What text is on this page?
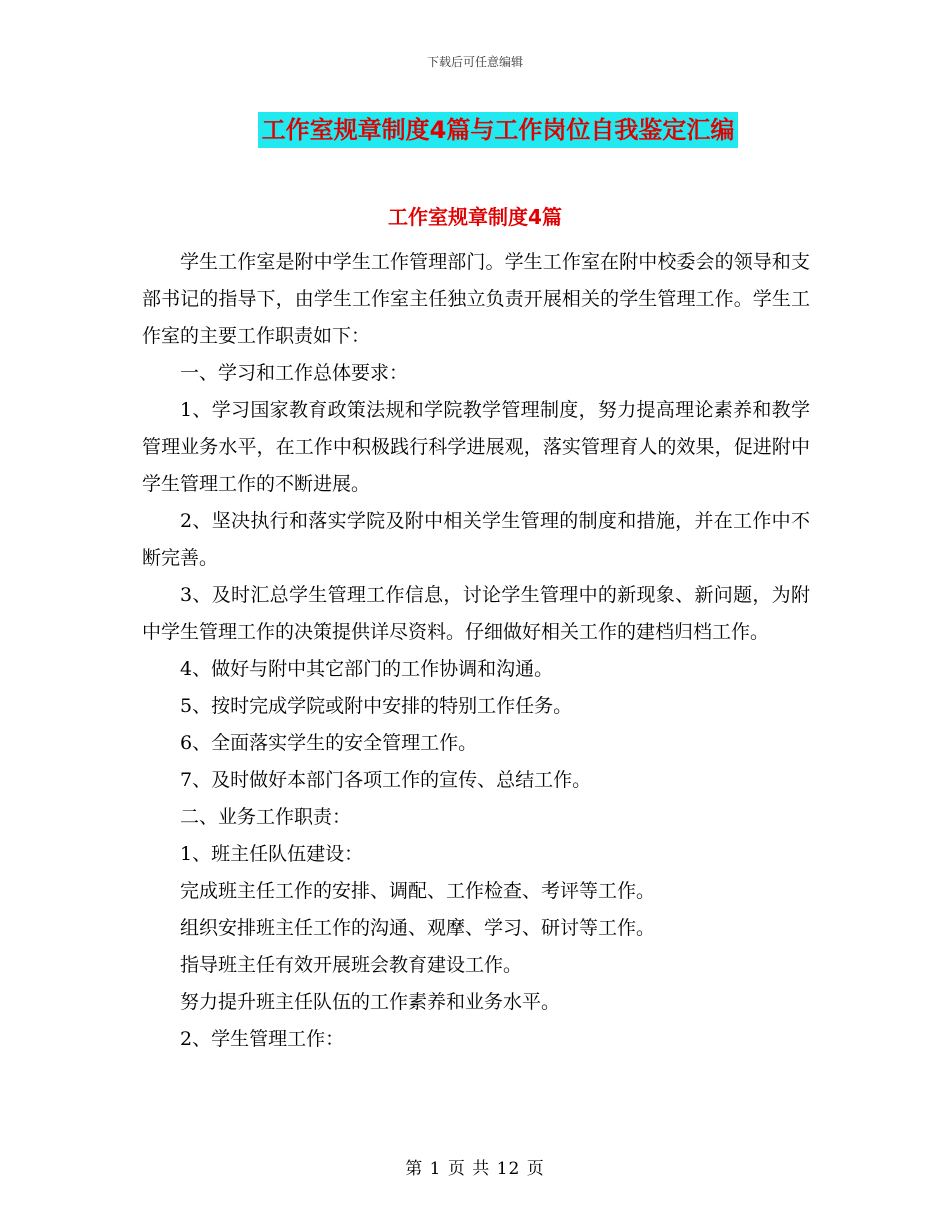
下载后可任意编辑
工作室规章制度4篇与工作岗位自我鉴定汇编
工作室规章制度4篇

学生工作室是附中学生工作管理部门。学生工作室在附中校委会的领导和支部书记的指导下，由学生工作室主任独立负责开展相关的学生管理工作。学生工作室的主要工作职责如下：

一、学习和工作总体要求：

1、学习国家教育政策法规和学院教学管理制度，努力提高理论素养和教学管理业务水平，在工作中积极践行科学进展观，落实管理育人的效果，促进附中学生管理工作的不断进展。

2、坚决执行和落实学院及附中相关学生管理的制度和措施，并在工作中不断完善。

3、及时汇总学生管理工作信息，讨论学生管理中的新现象、新问题，为附中学生管理工作的决策提供详尽资料。仔细做好相关工作的建档归档工作。

4、做好与附中其它部门的工作协调和沟通。

5、按时完成学院或附中安排的特别工作任务。

6、全面落实学生的安全管理工作。

7、及时做好本部门各项工作的宣传、总结工作。

二、业务工作职责：

1、班主任队伍建设：

完成班主任工作的安排、调配、工作检查、考评等工作。

组织安排班主任工作的沟通、观摩、学习、研讨等工作。

指导班主任有效开展班会教育建设工作。

努力提升班主任队伍的工作素养和业务水平。

2、学生管理工作：

第 1 页 共 12 页
